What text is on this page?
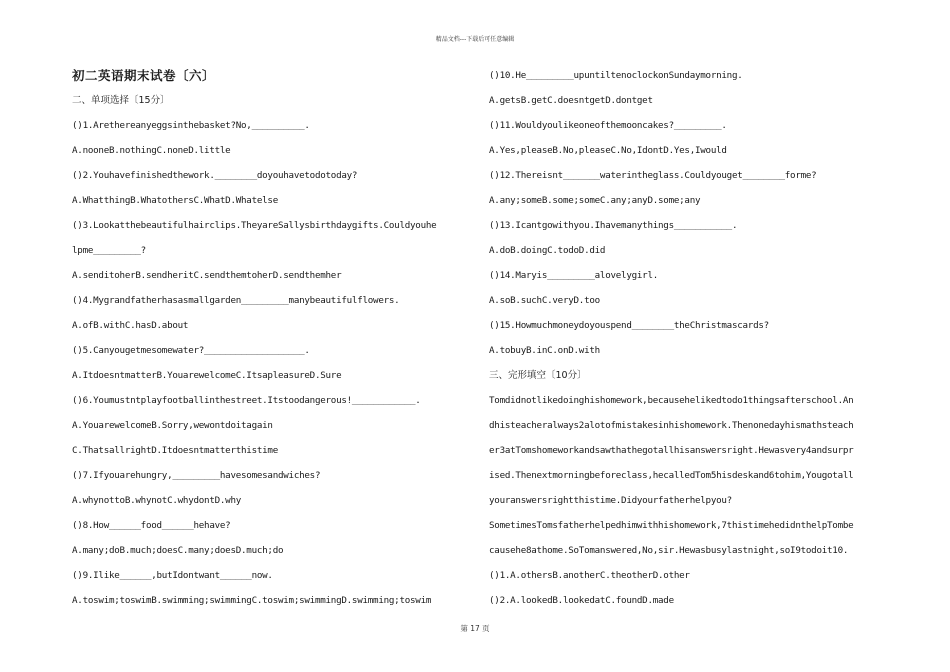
精品文档---下载后可任意编辑
初二英语期末试卷〔六〕
二、单项选择〔15分〕
()1.Arethereanyeggsinthebasket?No,__________.
A.nooneB.nothingC.noneD.little
()2.Youhavefinishedthework.________doyouhavetodotoday?
A.WhatthingB.WhatothersC.WhatD.Whatelse
()3.Lookatthebeautifulhairclips.TheyareSallysbirthdaygifts.Couldyouhe
lpme_________?
A.senditoherB.sendheritC.sendthemtoherD.sendthemher
()4.Mygrandfatherhasasmallgarden_________manybeautifulflowers.
A.ofB.withC.hasD.about
()5.Canyougetmesomewater?___________________.
A.ItdoesntmatterB.YouarewelcomeC.ItsapleasureD.Sure
()6.Youmustntplayfootballinthestreet.Itstoodangerous!____________.
A.YouarewelcomeB.Sorry,wewontdoitagain
C.ThatsallrightD.Itdoesntmatterthistime
()7.Ifyouarehungry,_________havesomesandwiches?
A.whynottoB.whynotC.whydontD.why
()8.How______food______hehave?
A.many;doB.much;doesC.many;doesD.much;do
()9.Ilike______,butIdontwant______now.
A.toswim;toswimB.swimming;swimmingC.toswim;swimmingD.swimming;toswim
()10.He_________upuntiltenoclockonSundaymorning.
A.getsB.getC.doesntgetD.dontget
()11.Wouldyoulikeoneofthemooncakes?_________.
A.Yes,pleaseB.No,pleaseC.No,IdontD.Yes,Iwould
()12.Thereisnt_______waterintheglass.Couldyouget________forme?
A.any;someB.some;someC.any;anyD.some;any
()13.Icantgowithyou.Ihavemanythings___________.
A.doB.doingC.todoD.did
()14.Maryis_________alovelygirl.
A.soB.suchC.veryD.too
()15.Howmuchmoneydoyouspend________theChristmascards?
A.tobuyB.inC.onD.with
三、完形填空〔10分〕
Tomdidnotlikedoinghishomework,becausehelikedtodo1thingsafterschool.An
dhisteacheralways2alotofmistakesinhishomework.Thenonedayhismathsteach
er3atTomshomeworkandsawthathegotallhisanswersright.Hewasvery4andsurpr
ised.Thenextmorningbeforeclass,hecalledTom5hisdeskand6tohim,Yougotall
youranswersrightthistime.Didyourfatherhelpyou?
SometimesTomsfatherhelpedhimwithhishomework,7thistimehedidnthelpTombe
causehe8athome.SoTomanswered,No,sir.Hewasbusylastnight,soI9todoit10.
()1.A.othersB.anotherC.theotherD.other
()2.A.lookedB.lookedatC.foundD.made
第 17 页
